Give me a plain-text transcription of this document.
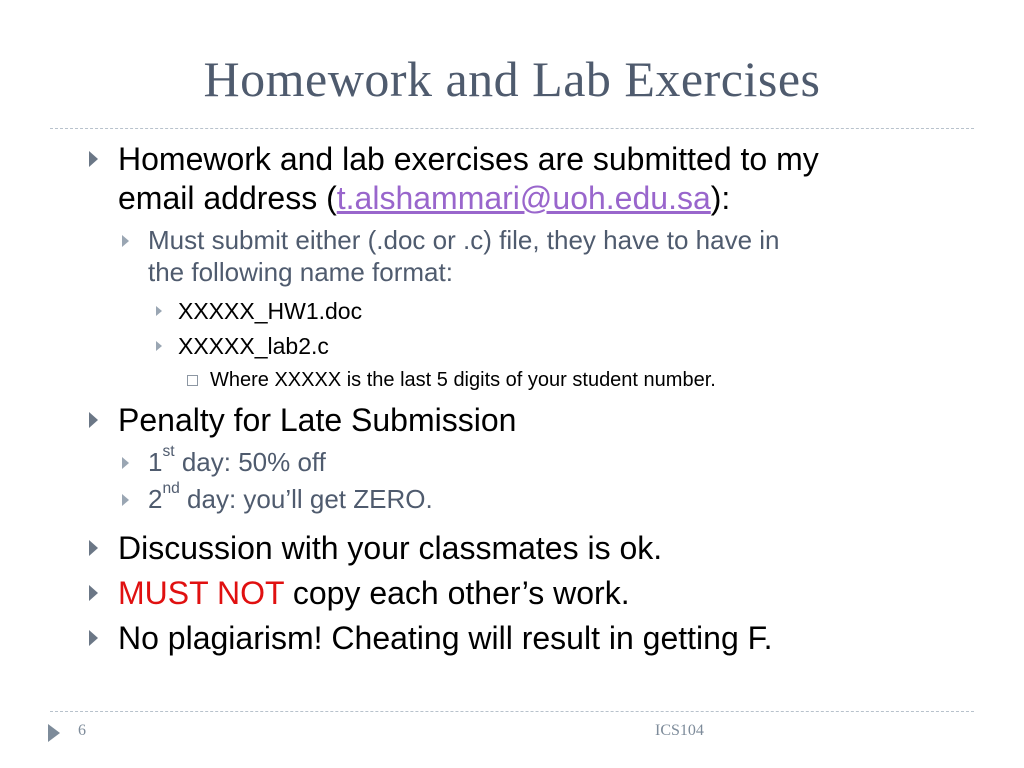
Homework and Lab Exercises
Homework and lab exercises are submitted to my
email address (t.alshammari@uoh.edu.sa):
Must submit either (.doc or .c) file, they have to have in
the following name format:
XXXXX_HW1.doc
XXXXX_lab2.c
Where XXXXX is the last 5 digits of your student number.
Penalty for Late Submission
1st day: 50% off
2nd day: you’ll get ZERO.
Discussion with your classmates is ok.
MUST NOT copy each other’s work.
No plagiarism! Cheating will result in getting F.
6	ICS104
